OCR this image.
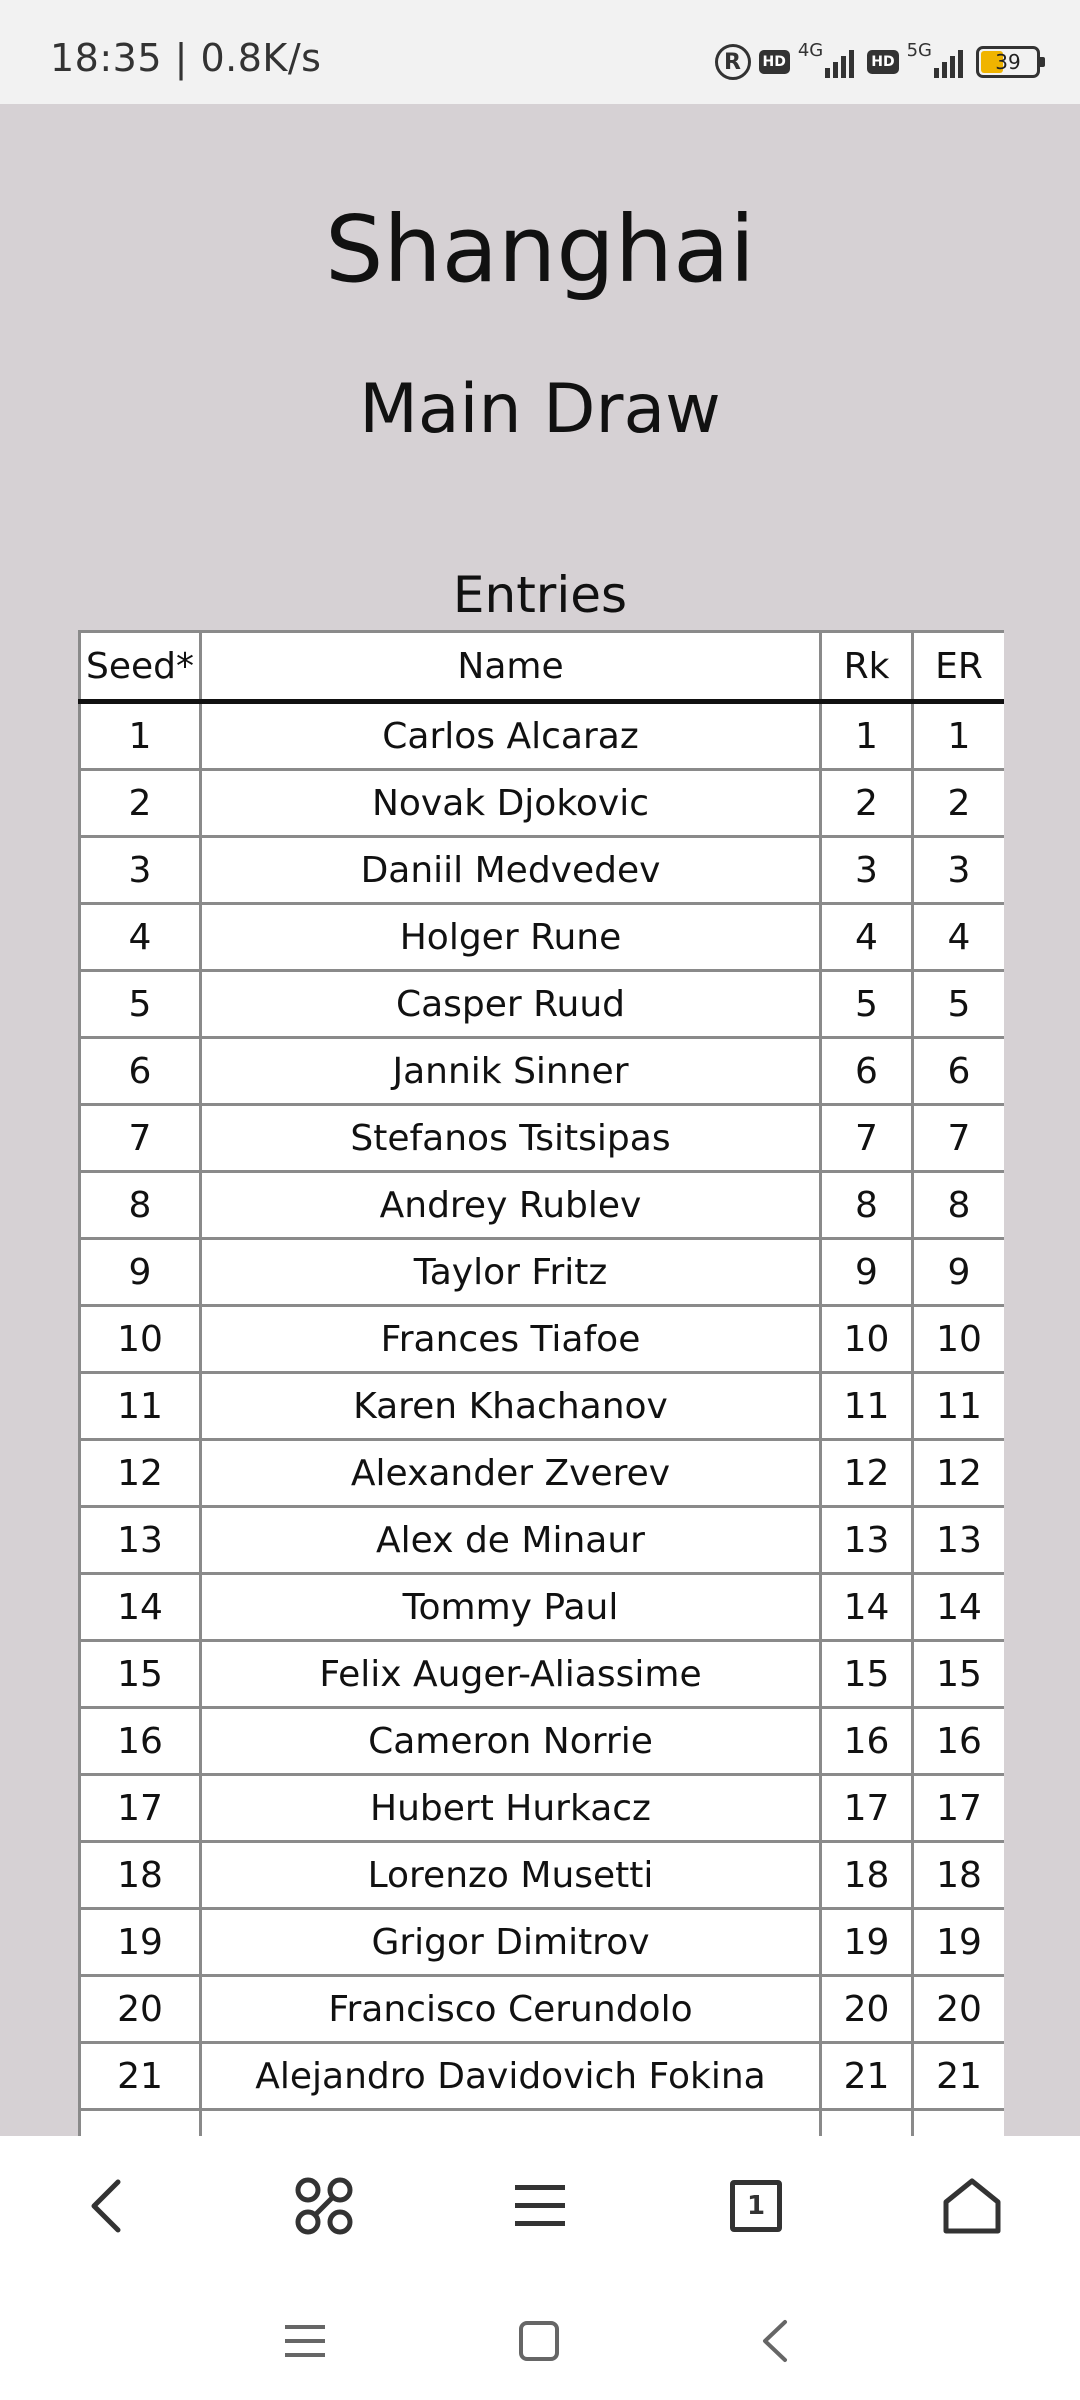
18:35 | 0.8K/s	R	HD
4G
HD
5G	39
Shanghai
Main Draw
Entries
Seed*	Name	Rk	ER
1	Carlos Alcaraz	1	1
2	Novak Djokovic	2	2
3	Daniil Medvedev	3	3
4	Holger Rune	4	4
5	Casper Ruud	5	5
6	Jannik Sinner	6	6
7	Stefanos Tsitsipas	7	7
8	Andrey Rublev	8	8
9	Taylor Fritz	9	9
10	Frances Tiafoe	10	10
11	Karen Khachanov	11	11
12	Alexander Zverev	12	12
13	Alex de Minaur	13	13
14	Tommy Paul	14	14
15	Felix Auger-Aliassime	15	15
16	Cameron Norrie	16	16
17	Hubert Hurkacz	17	17
18	Lorenzo Musetti	18	18
19	Grigor Dimitrov	19	19
20	Francisco Cerundolo	20	20
21	Alejandro Davidovich Fokina	21	21

1
